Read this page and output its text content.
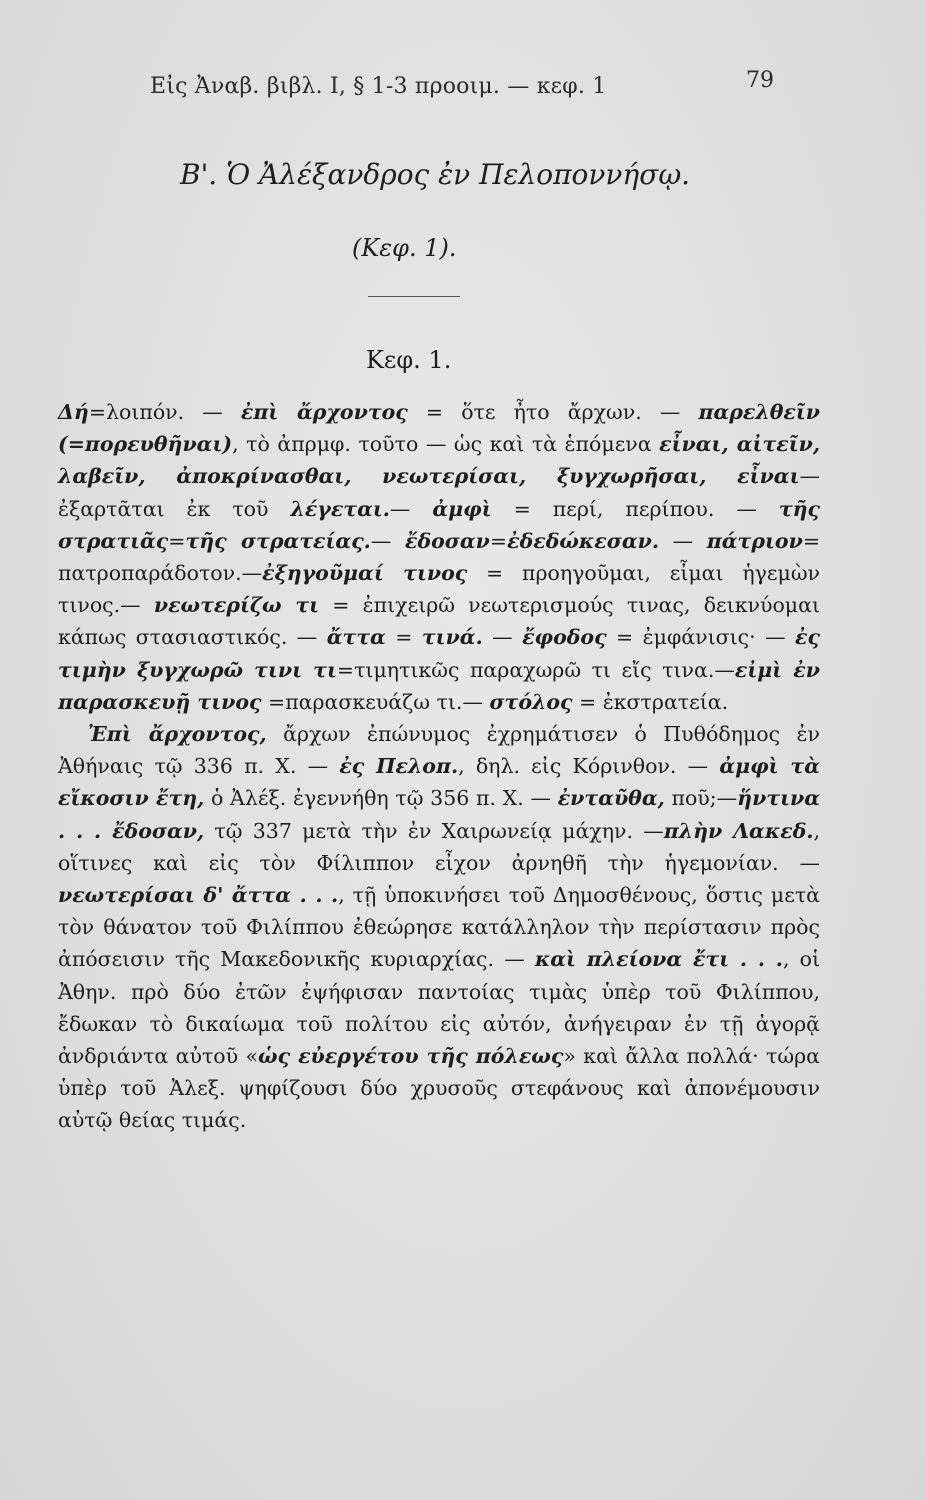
Εἰς Ἀναβ. βιβλ. Ι, § 1-3 προοιμ. — κεφ. 1	79
Β'. Ὁ Ἀλέξανδρος ἐν Πελοποννήσῳ.
(Κεφ. 1).
Κεφ. 1.

Δή=λοιπόν. — ἐπὶ ἄρχοντος = ὅτε ἦτο ἄρχων. — παρελθεῖν (=πορευθῆναι), τὸ ἀπρμφ. τοῦτο — ὡς καὶ τὰ ἑπόμενα εἶναι, αἰτεῖν, λαβεῖν, ἀποκρίνασθαι, νεωτερίσαι, ξυγχωρῆσαι, εἶναι— ἐξαρτᾶται ἐκ τοῦ λέγεται.— ἀμφὶ = περί, περίπου. — τῆς στρατιᾶς=τῆς στρατείας.— ἔδοσαν=ἐδεδώκεσαν. — πάτριον= πατροπαράδοτον.—ἐξηγοῦμαί τινος = προηγοῦμαι, εἶμαι ἡγεμὼν τινος.— νεωτερίζω τι = ἐπιχειρῶ νεωτερισμούς τινας, δεικνύομαι κάπως στασιαστικός. — ἄττα = τινά. — ἔφοδος = ἐμφάνισις· — ἐς τιμὴν ξυγχωρῶ τινι τι=τιμητικῶς παραχωρῶ τι εἴς τινα.—εἰμὶ ἐν παρασκευῇ τινος =παρασκευάζω τι.— στόλος = ἐκστρατεία.

Ἐπὶ ἄρχοντος, ἄρχων ἐπώνυμος ἐχρημάτισεν ὁ Πυθόδημος ἐν Ἀθήναις τῷ 336 π. Χ. — ἐς Πελοπ., δηλ. εἰς Κόρινθον. — ἀμφὶ τὰ εἴκοσιν ἔτη, ὁ Ἀλέξ. ἐγεννήθη τῷ 356 π. Χ. — ἐνταῦθα, ποῦ;—ἥντινα . . . ἔδοσαν, τῷ 337 μετὰ τὴν ἐν Χαιρωνείᾳ μάχην. —πλὴν Λακεδ., οἵτινες καὶ εἰς τὸν Φίλιππον εἶχον ἀρνηθῆ τὴν ἡγεμονίαν. — νεωτερίσαι δ' ἄττα . . ., τῇ ὑποκινήσει τοῦ Δημοσθένους, ὅστις μετὰ τὸν θάνατον τοῦ Φιλίππου ἐθεώρησε κατάλληλον τὴν περίστασιν πρὸς ἀπόσεισιν τῆς Μακεδονικῆς κυριαρχίας. — καὶ πλείονα ἔτι . . ., οἱ Ἀθην. πρὸ δύο ἐτῶν ἐψήφισαν παντοίας τιμὰς ὑπὲρ τοῦ Φιλίππου, ἔδωκαν τὸ δικαίωμα τοῦ πολίτου εἰς αὐτόν, ἀνήγειραν ἐν τῇ ἀγορᾷ ἀνδριάντα αὐτοῦ «ὡς εὐεργέτου τῆς πόλεως» καὶ ἄλλα πολλά· τώρα ὑπὲρ τοῦ Ἀλεξ. ψηφίζουσι δύο χρυσοῦς στεφάνους καὶ ἀπονέμουσιν αὐτῷ θείας τιμάς.
